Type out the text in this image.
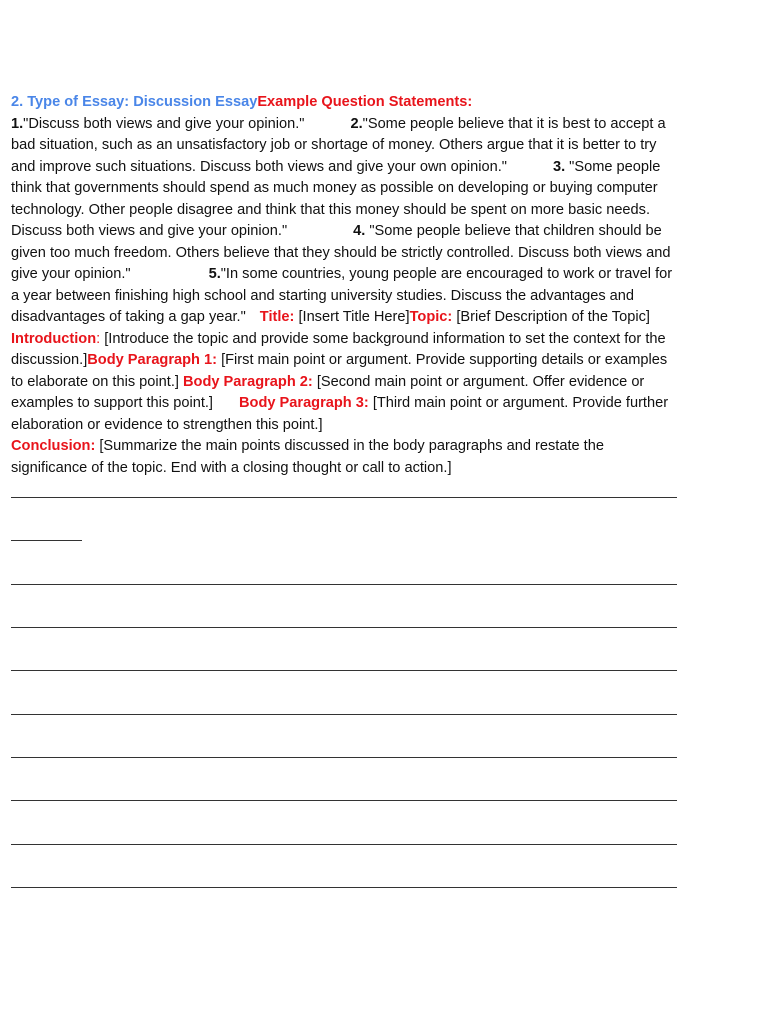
2. Type of Essay: Discussion EssayExample Question Statements:
1."Discuss both views and give your opinion."	2."Some people believe that it is best to accept a bad situation, such as an unsatisfactory job or shortage of money. Others argue that it is better to try and improve such situations. Discuss both views and give your own opinion."	3. "Some people think that governments should spend as much money as possible on developing or buying computer technology. Other people disagree and think that this money should be spent on more basic needs. Discuss both views and give your opinion."	4. "Some people believe that children should be given too much freedom. Others believe that they should be strictly controlled. Discuss both views and give your opinion."	5."In some countries, young people are encouraged to work or travel for a year between finishing high school and starting university studies. Discuss the advantages and disadvantages of taking a gap year." Title: [Insert Title Here]Topic: [Brief Description of the Topic]Introduction: [Introduce the topic and provide some background information to set the context for the discussion.]Body Paragraph 1: [First main point or argument. Provide supporting details or examples to elaborate on this point.] Body Paragraph 2: [Second main point or argument. Offer evidence or examples to support this point.] Body Paragraph 3: [Third main point or argument. Provide further elaboration or evidence to strengthen this point.]
Conclusion: [Summarize the main points discussed in the body paragraphs and restate the significance of the topic. End with a closing thought or call to action.]
